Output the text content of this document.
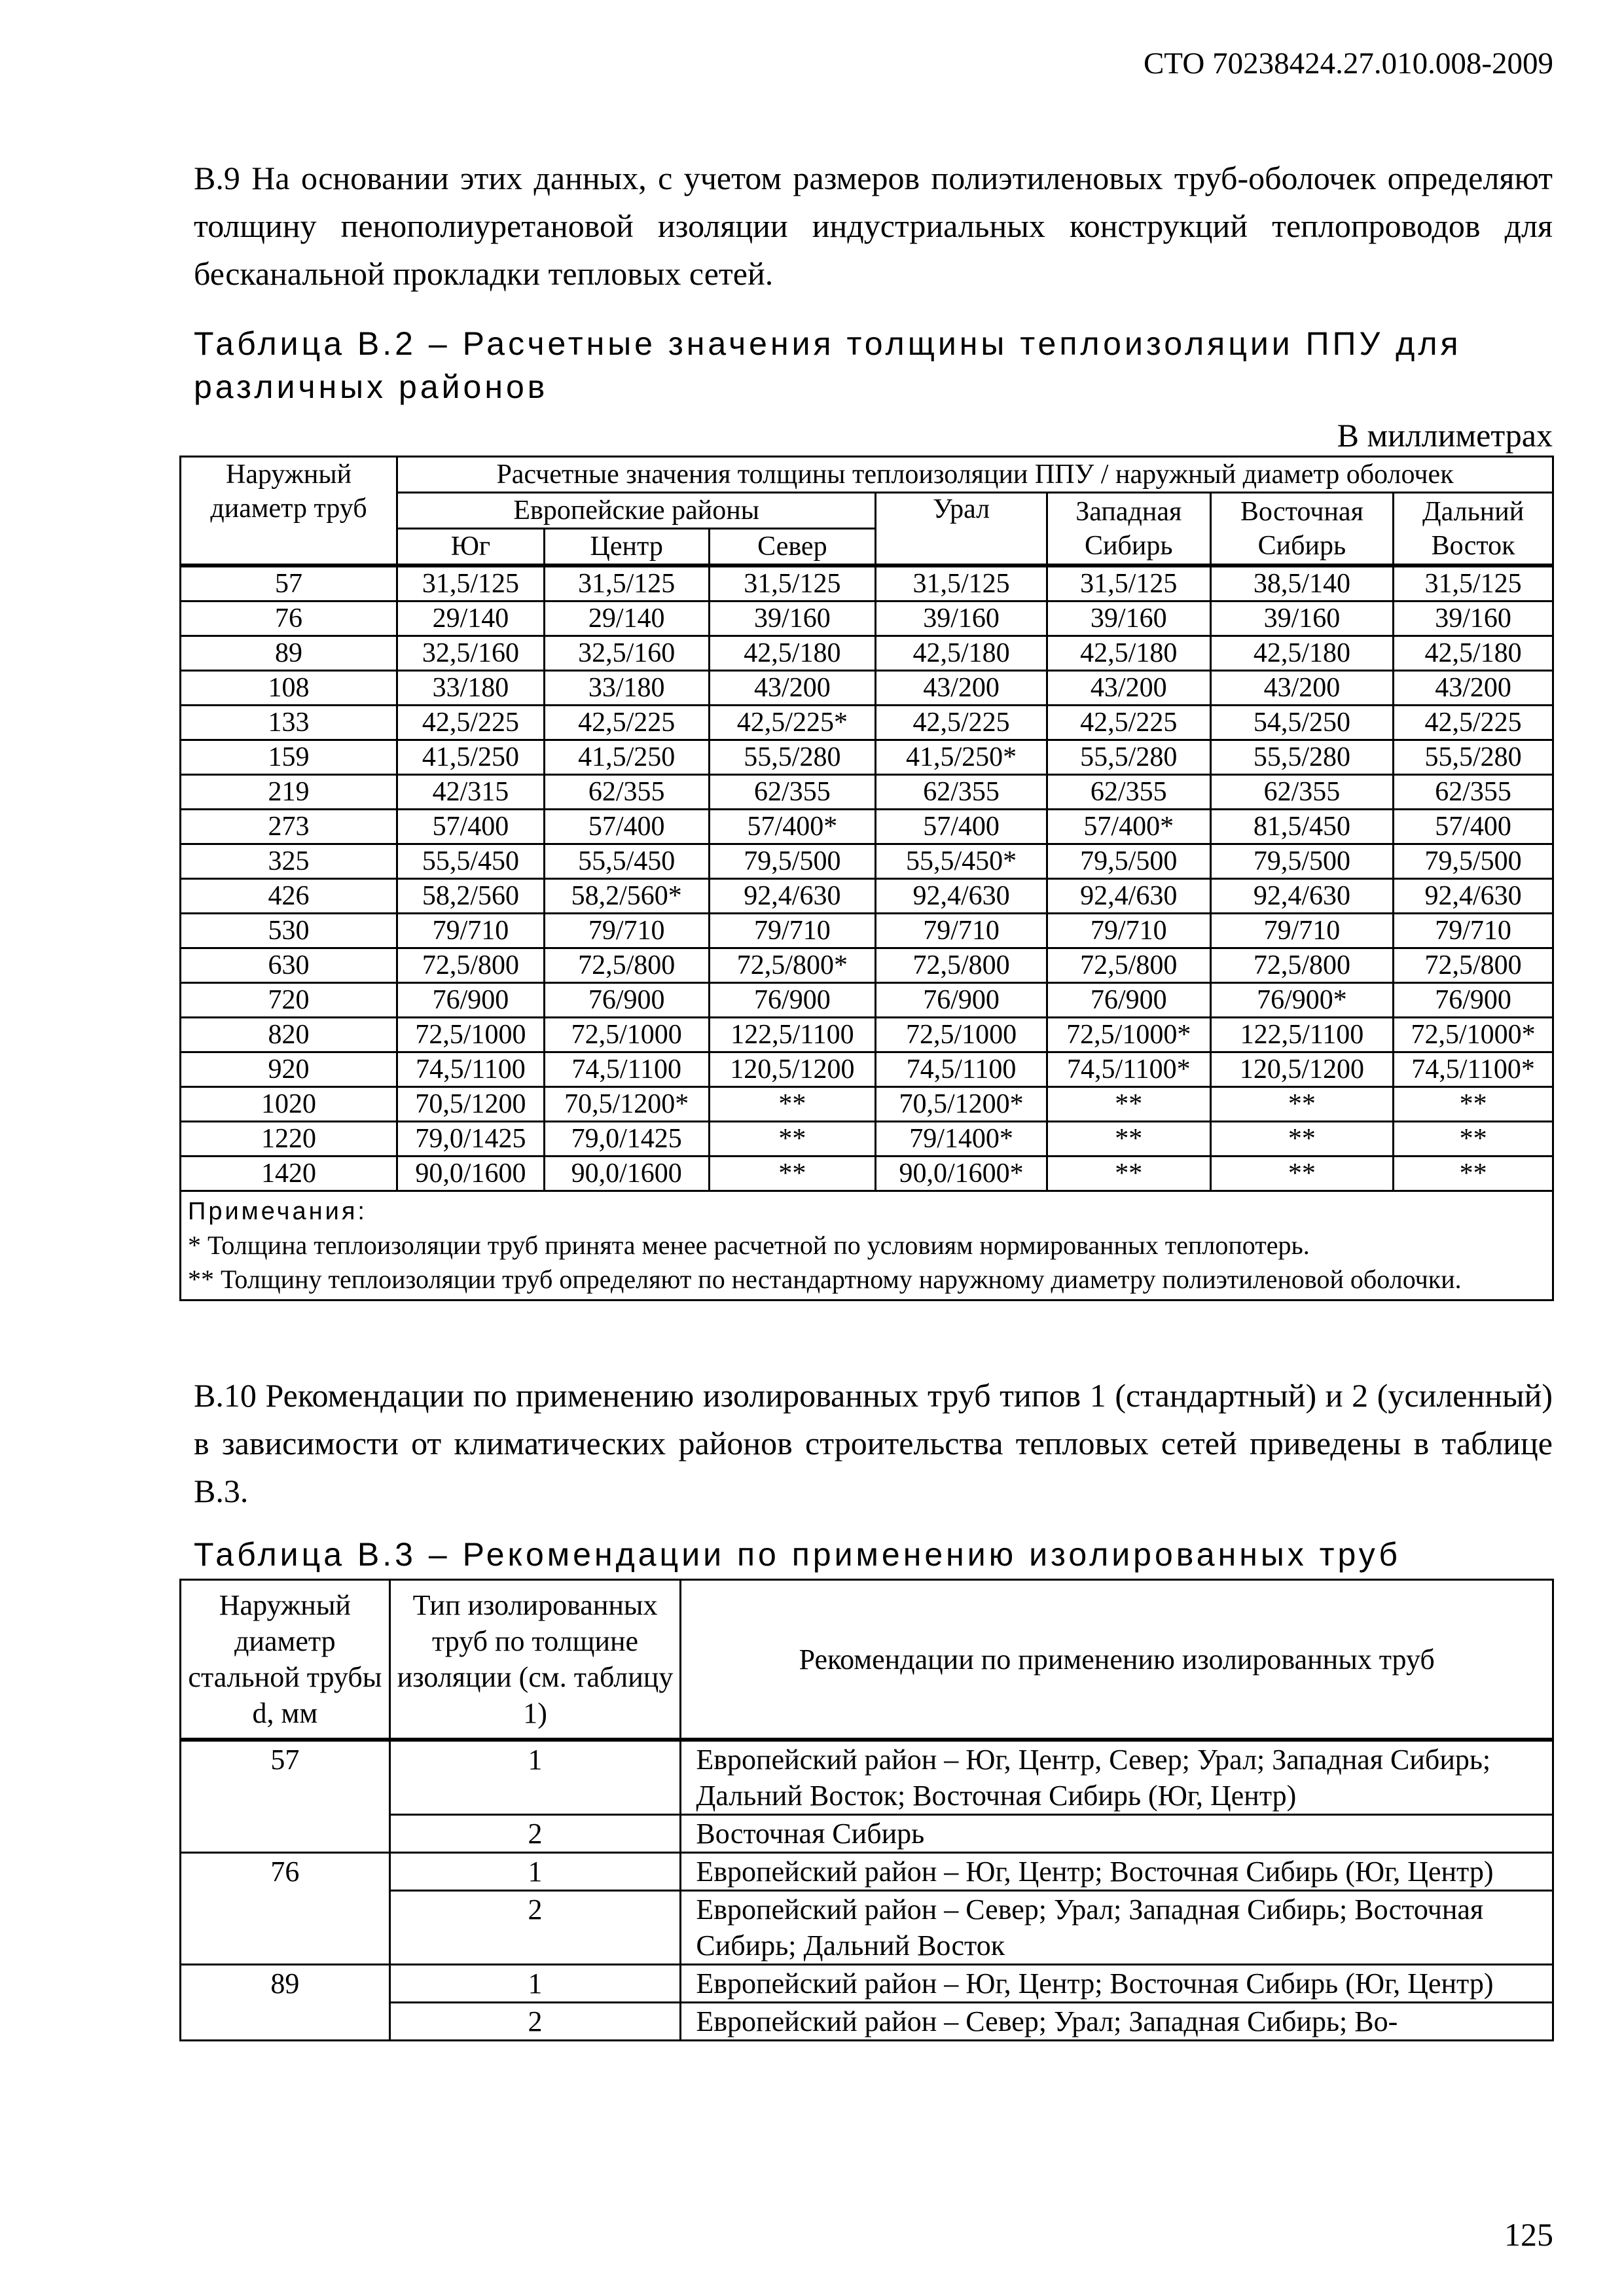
СТО 70238424.27.010.008-2009
В.9 На основании этих данных, с учетом размеров полиэтиленовых труб-оболочек определяют толщину пенополиуретановой изоляции индустриальных конструкций теплопроводов для бесканальной прокладки тепловых сетей.
Таблица В.2 – Расчетные значения толщины теплоизоляции ППУ для различных районов
В миллиметрах
Наружный диаметр труб	Расчетные значения толщины теплоизоляции ППУ / наружный диаметр оболочек						
	Европейские районы			Урал	Западная Сибирь	Восточная Сибирь	Дальний Восток
	Юг	Центр	Север				
57	31,5/125	31,5/125	31,5/125	31,5/125	31,5/125	38,5/140	31,5/125
76	29/140	29/140	39/160	39/160	39/160	39/160	39/160
89	32,5/160	32,5/160	42,5/180	42,5/180	42,5/180	42,5/180	42,5/180
108	33/180	33/180	43/200	43/200	43/200	43/200	43/200
133	42,5/225	42,5/225	42,5/225*	42,5/225	42,5/225	54,5/250	42,5/225
159	41,5/250	41,5/250	55,5/280	41,5/250*	55,5/280	55,5/280	55,5/280
219	42/315	62/355	62/355	62/355	62/355	62/355	62/355
273	57/400	57/400	57/400*	57/400	57/400*	81,5/450	57/400
325	55,5/450	55,5/450	79,5/500	55,5/450*	79,5/500	79,5/500	79,5/500
426	58,2/560	58,2/560*	92,4/630	92,4/630	92,4/630	92,4/630	92,4/630
530	79/710	79/710	79/710	79/710	79/710	79/710	79/710
630	72,5/800	72,5/800	72,5/800*	72,5/800	72,5/800	72,5/800	72,5/800
720	76/900	76/900	76/900	76/900	76/900	76/900*	76/900
820	72,5/1000	72,5/1000	122,5/1100	72,5/1000	72,5/1000*	122,5/1100	72,5/1000*
920	74,5/1100	74,5/1100	120,5/1200	74,5/1100	74,5/1100*	120,5/1200	74,5/1100*
1020	70,5/1200	70,5/1200*	**	70,5/1200*	**	**	**
1220	79,0/1425	79,0/1425	**	79/1400*	**	**	**
1420	90,0/1600	90,0/1600	**	90,0/1600*	**	**	**

Примечания:
* Толщина теплоизоляции труб принята менее расчетной по условиям нормированных теплопотерь.
** Толщину теплоизоляции труб определяют по нестандартному наружному диаметру полиэтиленовой оболочки.							
В.10 Рекомендации по применению изолированных труб типов 1 (стандартный) и 2 (усиленный) в зависимости от климатических районов строительства тепловых сетей приведены в таблице В.3.
Таблица В.3 – Рекомендации по применению изолированных труб
Наружный диаметр стальной трубы d, мм	Тип изолированных труб по толщине изоляции (см. таблицу 1)	Рекомендации по применению изолированных труб
57	1	Европейский район – Юг, Центр, Север; Урал; Западная Сибирь; Дальний Восток; Восточная Сибирь (Юг, Центр)
	2	Восточная Сибирь
76	1	Европейский район – Юг, Центр; Восточная Сибирь (Юг, Центр)
	2	Европейский район – Север; Урал; Западная Сибирь; Восточная Сибирь; Дальний Восток
89	1	Европейский район – Юг, Центр; Восточная Сибирь (Юг, Центр)
	2	Европейский район – Север; Урал; Западная Сибирь; Во-
125
